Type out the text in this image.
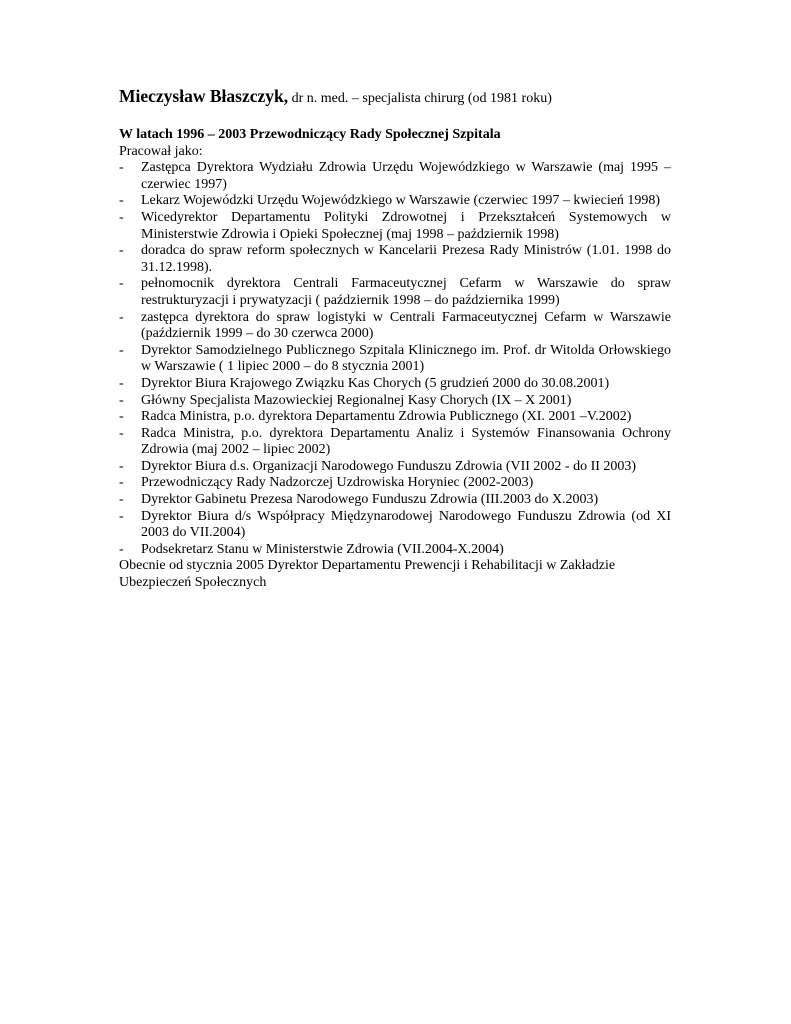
Mieczysław Błaszczyk, dr n. med. – specjalista chirurg (od 1981 roku)

W latach 1996 – 2003 Przewodniczący Rady Społecznej Szpitala

Pracował jako:

- Zastępca Dyrektora Wydziału Zdrowia Urzędu Wojewódzkiego w Warszawie (maj 1995 – czerwiec 1997)
- Lekarz Wojewódzki Urzędu Wojewódzkiego w Warszawie (czerwiec 1997 – kwiecień 1998)
- Wicedyrektor Departamentu Polityki Zdrowotnej i Przekształceń Systemowych w Ministerstwie Zdrowia i Opieki Społecznej (maj 1998 – październik 1998)
- doradca do spraw reform społecznych w Kancelarii Prezesa Rady Ministrów (1.01. 1998 do 31.12.1998).
- pełnomocnik dyrektora Centrali Farmaceutycznej Cefarm w Warszawie do spraw restrukturyzacji i prywatyzacji ( październik 1998 – do października 1999)
- zastępca dyrektora do spraw logistyki w Centrali Farmaceutycznej Cefarm w Warszawie (październik 1999 – do 30 czerwca 2000)
- Dyrektor Samodzielnego Publicznego Szpitala Klinicznego im. Prof. dr Witolda Orłowskiego w Warszawie ( 1 lipiec 2000 – do 8 stycznia 2001)
- Dyrektor Biura Krajowego Związku Kas Chorych (5 grudzień 2000 do 30.08.2001)
- Główny Specjalista Mazowieckiej Regionalnej Kasy Chorych (IX – X 2001)
- Radca Ministra, p.o. dyrektora Departamentu Zdrowia Publicznego (XI. 2001 –V.2002)
- Radca Ministra, p.o. dyrektora Departamentu Analiz i Systemów Finansowania Ochrony Zdrowia (maj 2002 – lipiec 2002)
- Dyrektor Biura d.s. Organizacji Narodowego Funduszu Zdrowia (VII 2002 - do II 2003)
- Przewodniczący Rady Nadzorczej Uzdrowiska Horyniec (2002-2003)
- Dyrektor Gabinetu Prezesa Narodowego Funduszu Zdrowia (III.2003 do X.2003)
- Dyrektor Biura d/s Współpracy Międzynarodowej Narodowego Funduszu Zdrowia (od XI 2003 do VII.2004)
- Podsekretarz Stanu w Ministerstwie Zdrowia (VII.2004-X.2004)

Obecnie od stycznia 2005 Dyrektor Departamentu Prewencji i Rehabilitacji w Zakładzie Ubezpieczeń Społecznych
